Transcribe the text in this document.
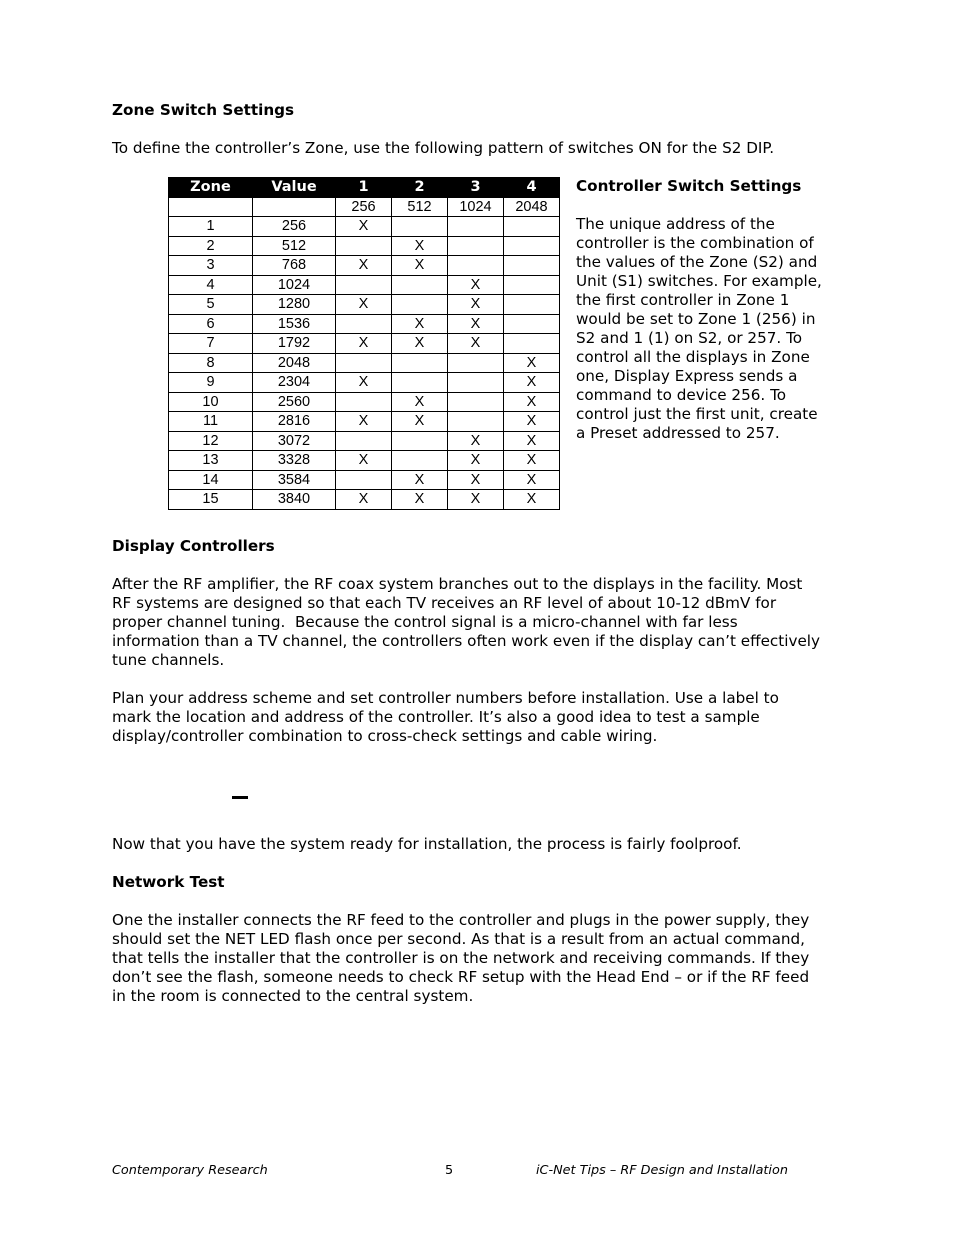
Zone Switch Settings
To define the controller’s Zone, use the following pattern of switches ON for the S2 DIP.
Zone	Value	1	2	3	4
		256	512	1024	2048
1	256	X			
2	512		X		
3	768	X	X		
4	1024			X	
5	1280	X		X	
6	1536		X	X	
7	1792	X	X	X	
8	2048				X
9	2304	X			X
10	2560		X		X
11	2816	X	X		X
12	3072			X	X
13	3328	X		X	X
14	3584		X	X	X
15	3840	X	X	X	X
Controller Switch Settings
The unique address of the
controller is the combination of
the values of the Zone (S2) and
Unit (S1) switches. For example,
the first controller in Zone 1
would be set to Zone 1 (256) in
S2 and 1 (1) on S2, or 257. To
control all the displays in Zone
one, Display Express sends a
command to device 256. To
control just the first unit, create
a Preset addressed to 257.
Display Controllers
After the RF amplifier, the RF coax system branches out to the displays in the facility. Most
RF systems are designed so that each TV receives an RF level of about 10-12 dBmV for
proper channel tuning.  Because the control signal is a micro-channel with far less
information than a TV channel, the controllers often work even if the display can’t effectively
tune channels.
Plan your address scheme and set controller numbers before installation. Use a label to
mark the location and address of the controller. It’s also a good idea to test a sample
display/controller combination to cross-check settings and cable wiring.
Now that you have the system ready for installation, the process is fairly foolproof.
Network Test
One the installer connects the RF feed to the controller and plugs in the power supply, they
should set the NET LED flash once per second. As that is a result from an actual command,
that tells the installer that the controller is on the network and receiving commands. If they
don’t see the flash, someone needs to check RF setup with the Head End – or if the RF feed
in the room is connected to the central system.
Contemporary Research	5	iC-Net Tips – RF Design and Installation
